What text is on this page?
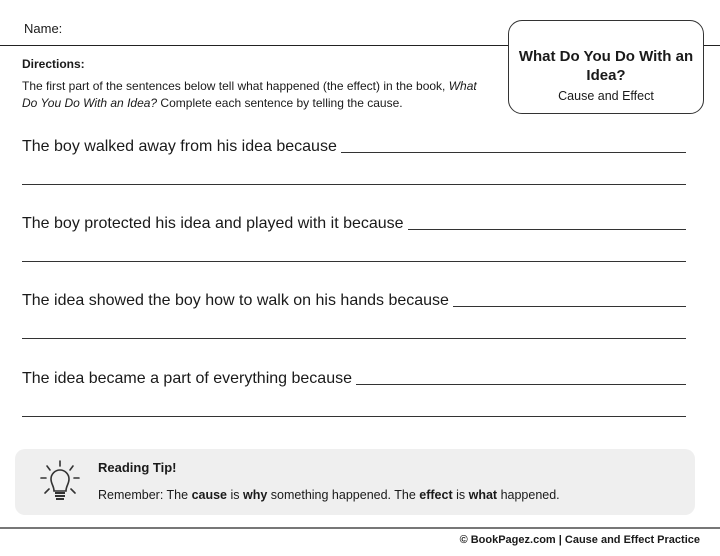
Name:
What Do You Do With an Idea?
Cause and Effect
Directions:
The first part of the sentences below tell what happened (the effect) in the book, What Do You Do With an Idea? Complete each sentence by telling the cause.
The boy walked away from his idea because
The boy protected his idea and played with it because
The idea showed the boy how to walk on his hands because
The idea became a part of everything because
Reading Tip!
Remember: The cause is why something happened. The effect is what happened.
© BookPagez.com | Cause and Effect Practice
